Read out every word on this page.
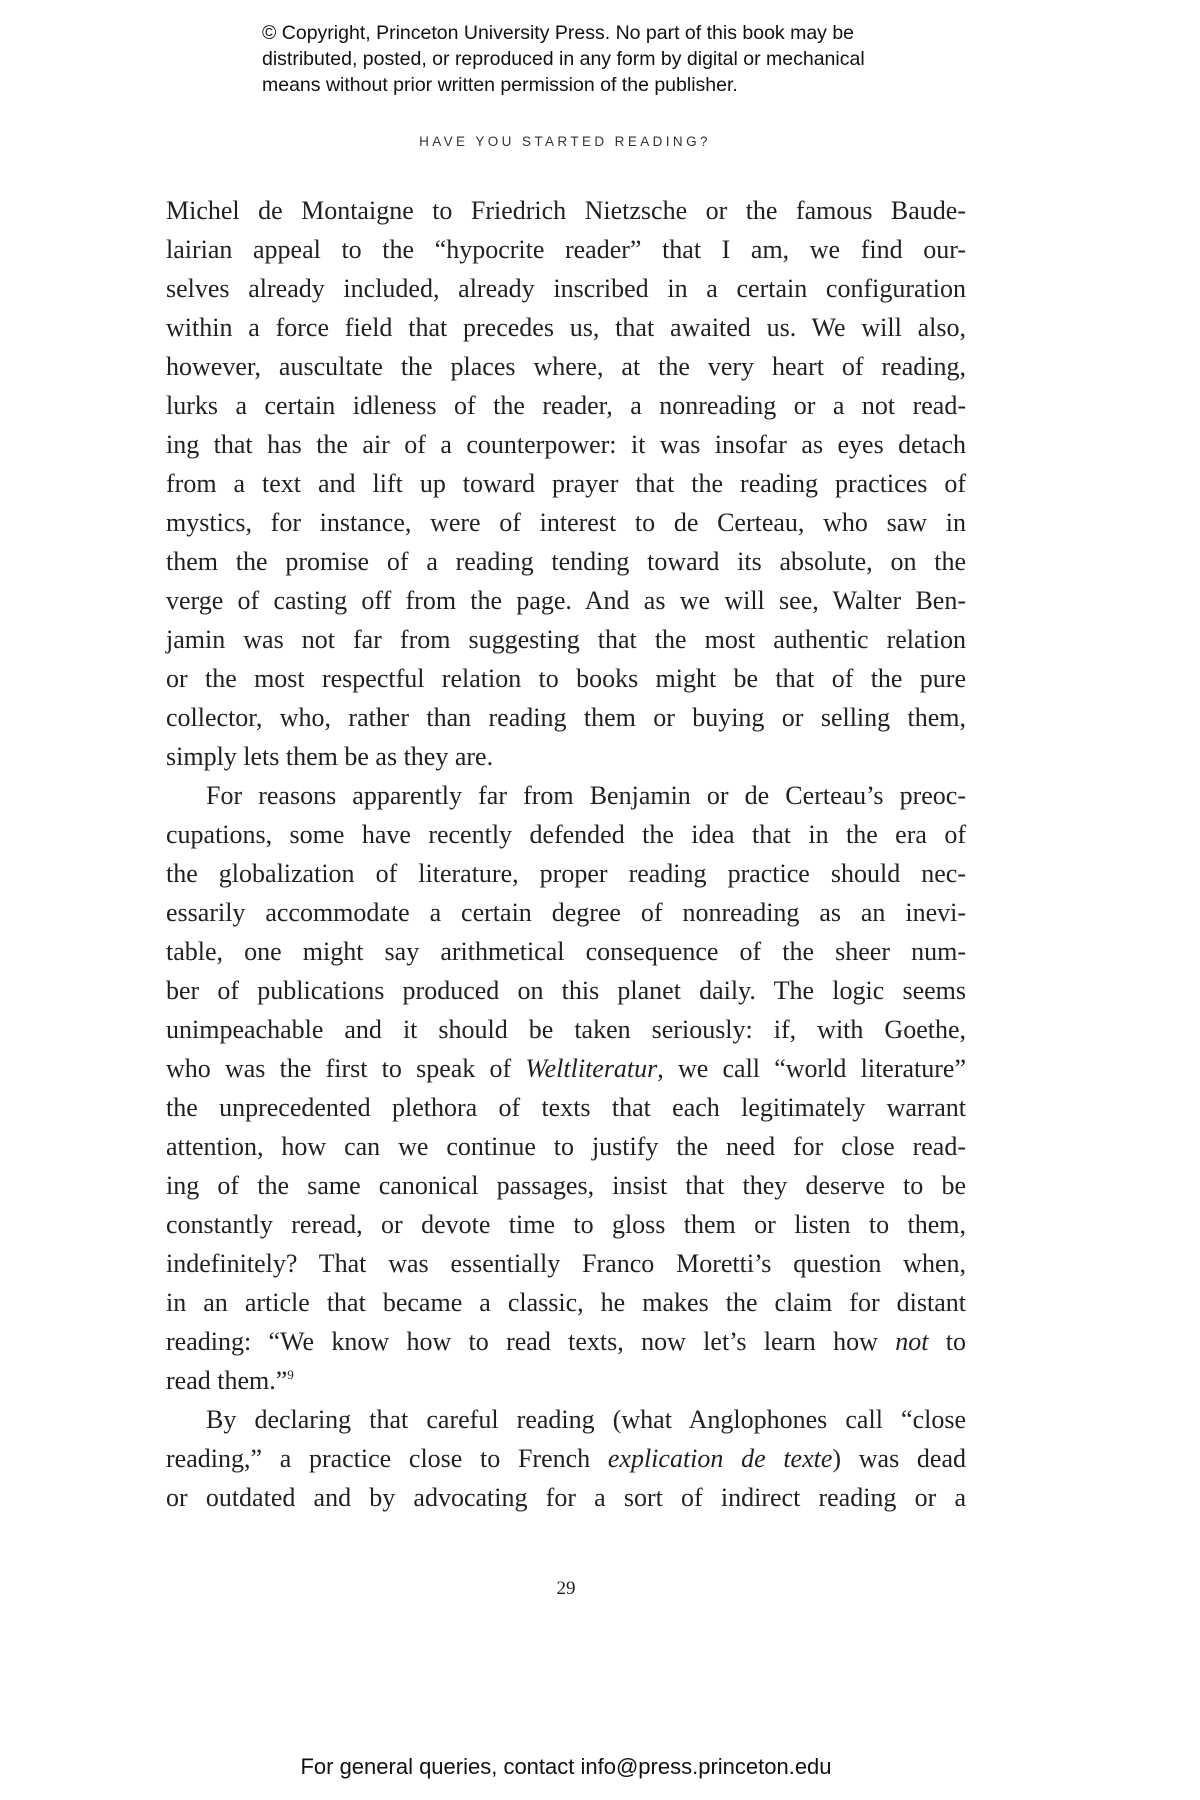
© Copyright, Princeton University Press. No part of this book may be
distributed, posted, or reproduced in any form by digital or mechanical
means without prior written permission of the publisher.
HAVE YOU STARTED READING?
Michel de Montaigne to Friedrich Nietzsche or the famous Baude-
lairian appeal to the “hypocrite reader” that I am, we find our-
selves already included, already inscribed in a certain configuration
within a force field that precedes us, that awaited us. We will also,
however, auscultate the places where, at the very heart of reading,
lurks a certain idleness of the reader, a nonreading or a not read-
ing that has the air of a counterpower: it was insofar as eyes detach
from a text and lift up toward prayer that the reading practices of
mystics, for instance, were of interest to de Certeau, who saw in
them the promise of a reading tending toward its absolute, on the
verge of casting off from the page. And as we will see, Walter Ben-
jamin was not far from suggesting that the most authentic relation
or the most respectful relation to books might be that of the pure
collector, who, rather than reading them or buying or selling them,
simply lets them be as they are.
For reasons apparently far from Benjamin or de Certeau’s preoc-
cupations, some have recently defended the idea that in the era of
the globalization of literature, proper reading practice should nec-
essarily accommodate a certain degree of nonreading as an inevi-
table, one might say arithmetical consequence of the sheer num-
ber of publications produced on this planet daily. The logic seems
unimpeachable and it should be taken seriously: if, with Goethe,
who was the first to speak of Weltliteratur, we call “world literature”
the unprecedented plethora of texts that each legitimately warrant
attention, how can we continue to justify the need for close read-
ing of the same canonical passages, insist that they deserve to be
constantly reread, or devote time to gloss them or listen to them,
indefinitely? That was essentially Franco Moretti’s question when,
in an article that became a classic, he makes the claim for distant
reading: “We know how to read texts, now let’s learn how not to
read them.”$^9$
By declaring that careful reading (what Anglophones call “close
reading,” a practice close to French explication de texte) was dead
or outdated and by advocating for a sort of indirect reading or a
29
For general queries, contact info@press.princeton.edu
